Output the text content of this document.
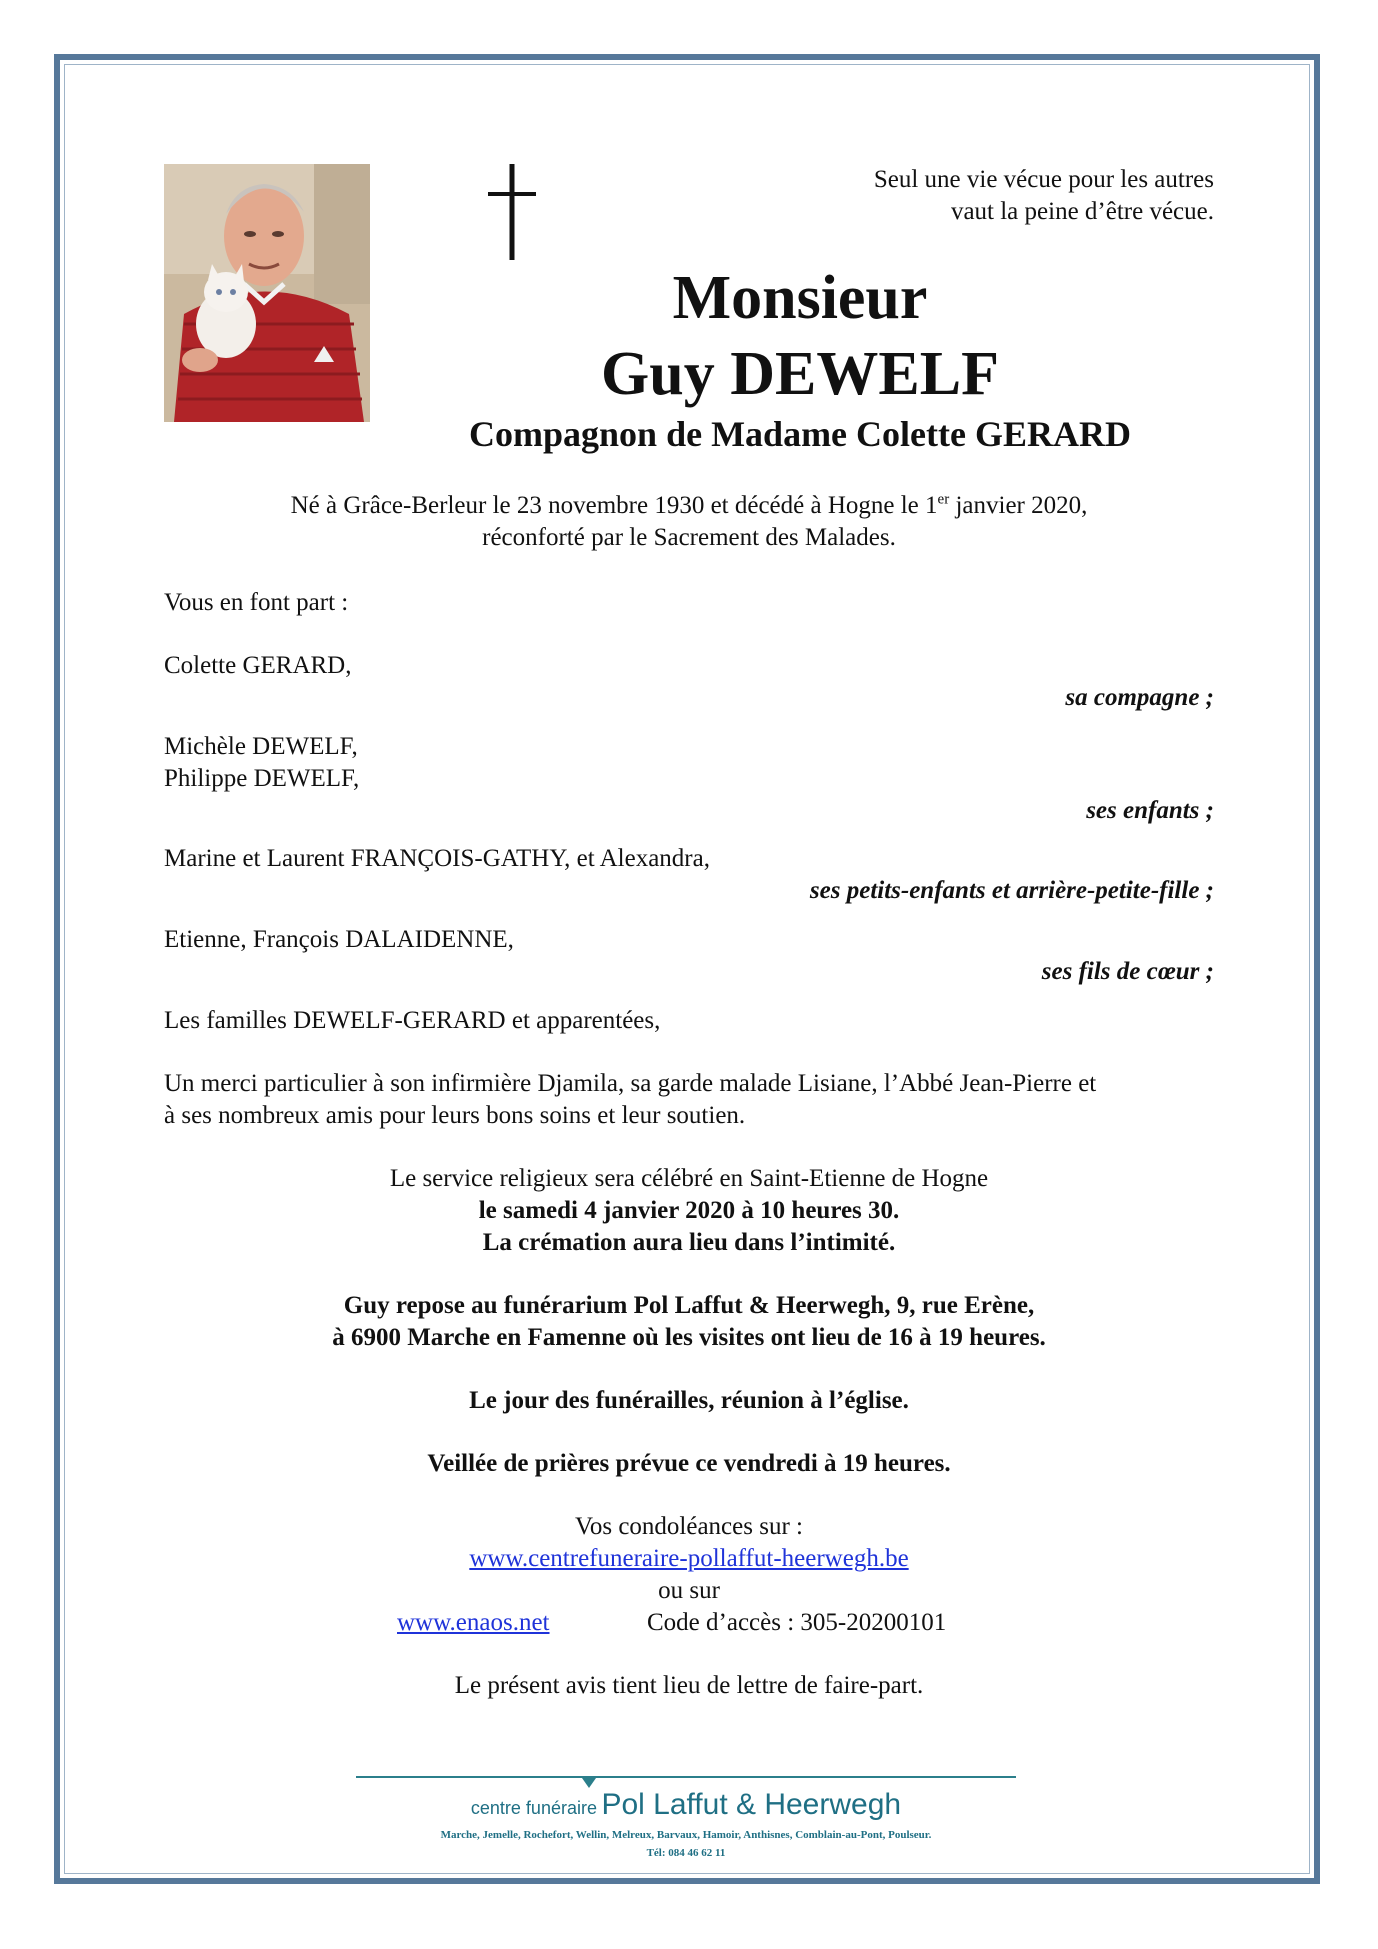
Seul une vie vécue pour les autres
vaut la peine d’être vécue.
Monsieur
Guy DEWELF
Compagnon de Madame Colette GERARD
Né à Grâce-Berleur le 23 novembre 1930 et décédé à Hogne le 1er janvier 2020,
réconforté par le Sacrement des Malades.
Vous en font part :
Colette GERARD,
sa compagne ;
Michèle DEWELF,
Philippe DEWELF,
ses enfants ;
Marine et Laurent FRANÇOIS-GATHY, et Alexandra,
ses petits-enfants et arrière-petite-fille ;
Etienne, François DALAIDENNE,
ses fils de cœur ;
Les familles DEWELF-GERARD et apparentées,
Un merci particulier à son infirmière Djamila, sa garde malade Lisiane, l’Abbé Jean-Pierre et
à ses nombreux amis pour leurs bons soins et leur soutien.
Le service religieux sera célébré en Saint-Etienne de Hogne
le samedi 4 janvier 2020 à 10 heures 30.
La crémation aura lieu dans l’intimité.
Guy repose au funérarium Pol Laffut & Heerwegh, 9, rue Erène,
à 6900 Marche en Famenne où les visites ont lieu de 16 à 19 heures.
Le jour des funérailles, réunion à l’église.
Veillée de prières prévue ce vendredi à 19 heures.
Vos condoléances sur :
www.centrefuneraire-pollaffut-heerwegh.be
ou sur
www.enaos.net	Code d’accès : 305-20200101
Le présent avis tient lieu de lettre de faire-part.
centre funéraire Pol Laffut & Heerwegh
Marche, Jemelle, Rochefort, Wellin, Melreux, Barvaux, Hamoir, Anthisnes, Comblain-au-Pont, Poulseur.
Tél: 084 46 62 11
